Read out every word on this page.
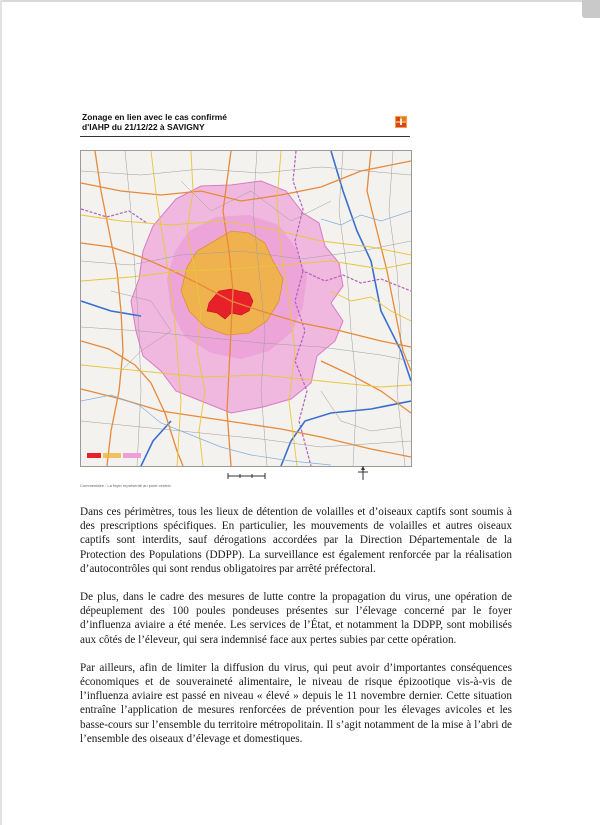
Zonage en lien avec le cas confirmé
d'IAHP du 21/12/22 à SAVIGNY
Commentaire : La foyer représenté au point central

Dans ces périmètres, tous les lieux de détention de volailles et d’oiseaux captifs sont soumis à des prescriptions spécifiques. En particulier, les mouvements de volailles et autres oiseaux captifs sont interdits, sauf dérogations accordées par la Direction Départementale de la Protection des Populations (DDPP). La surveillance est également renforcée par la réalisation d’autocontrôles qui sont rendus obligatoires par arrêté préfectoral.

De plus, dans le cadre des mesures de lutte contre la propagation du virus, une opération de dépeuplement des 100 poules pondeuses présentes sur l’élevage concerné par le foyer d’influenza aviaire a été menée. Les services de l’État, et notamment la DDPP, sont mobilisés aux côtés de l’éleveur, qui sera indemnisé face aux pertes subies par cette opération.

Par ailleurs, afin de limiter la diffusion du virus, qui peut avoir d’importantes conséquences économiques et de souveraineté alimentaire, le niveau de risque épizootique vis-à-vis de l’influenza aviaire est passé en niveau « élevé » depuis le 11 novembre dernier. Cette situation entraîne l’application de mesures renforcées de prévention pour les élevages avicoles et les basse-cours sur l’ensemble du territoire métropolitain. Il s’agit notamment de la mise à l’abri de l’ensemble des oiseaux d’élevage et domestiques.
